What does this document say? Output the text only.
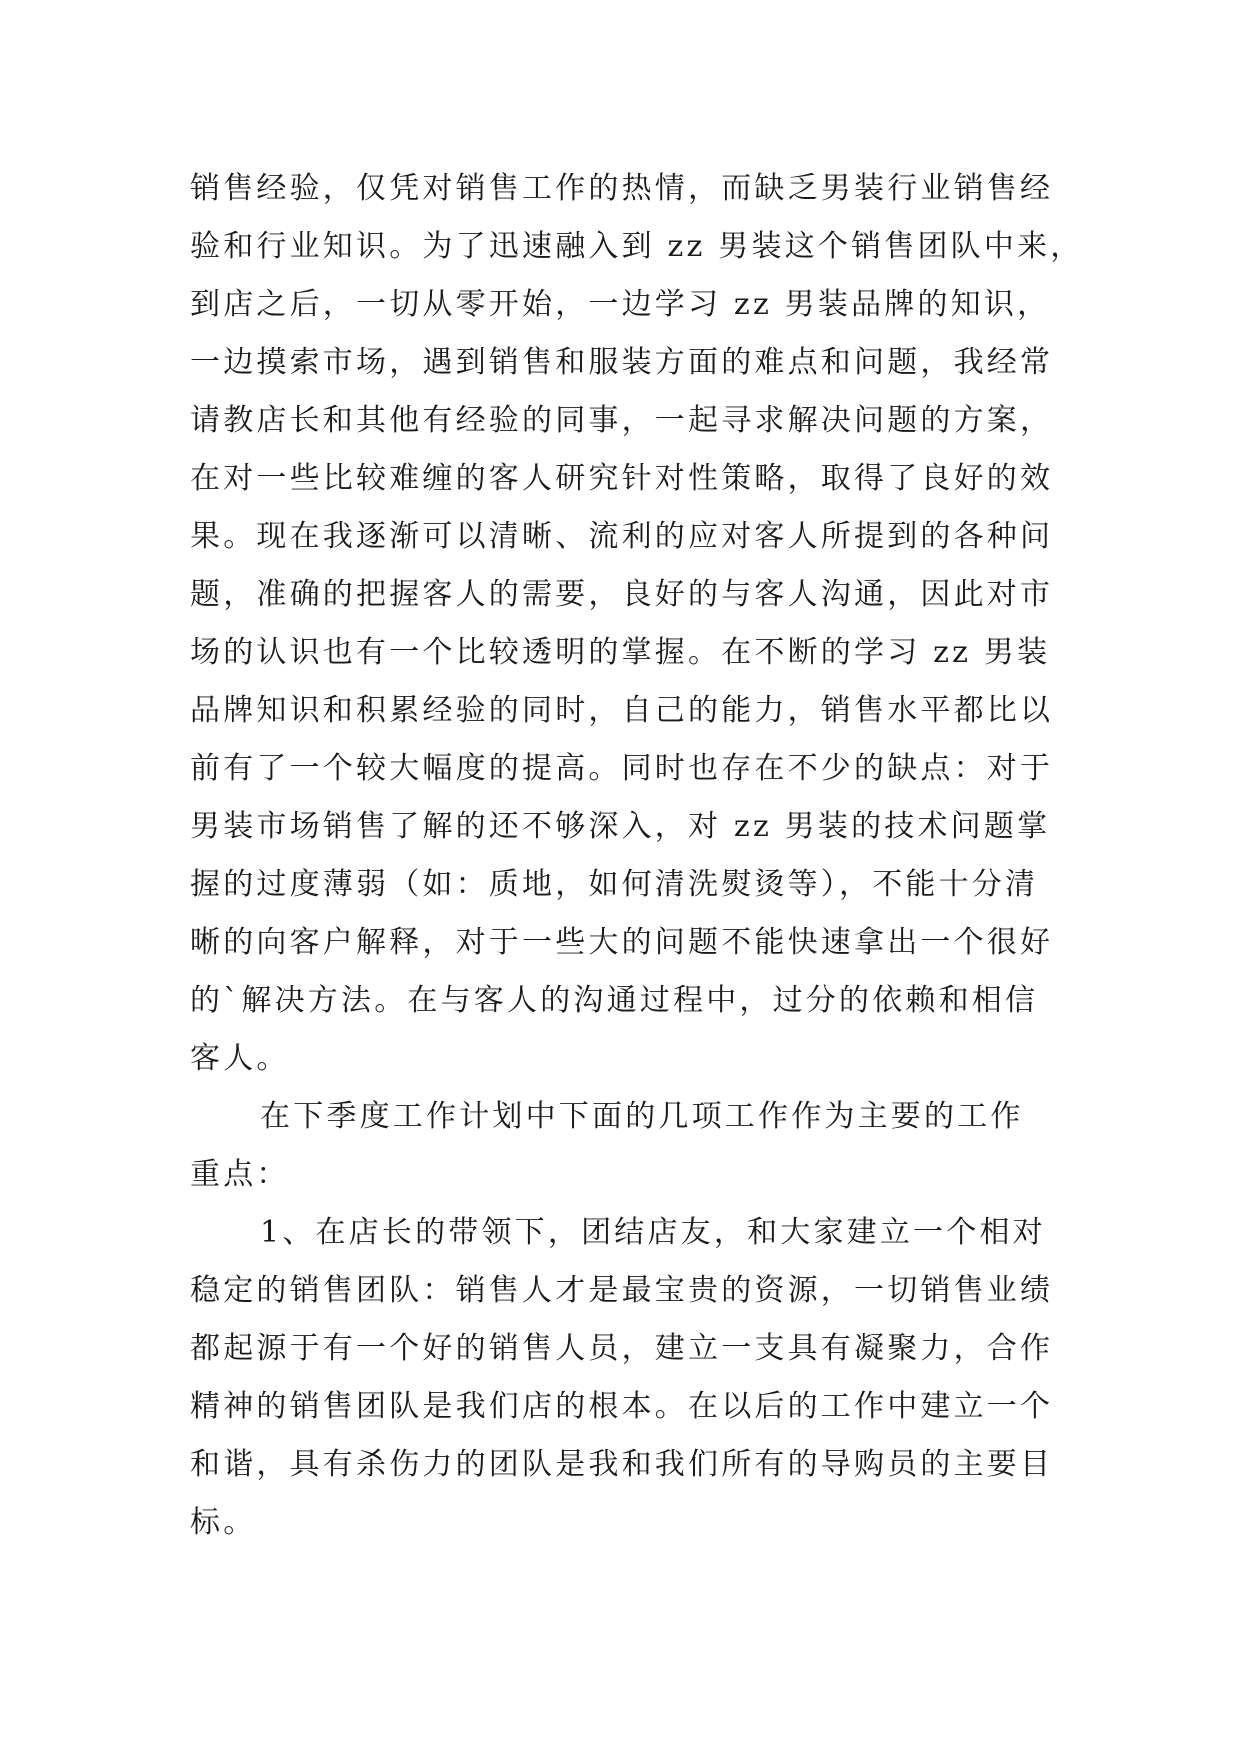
销售经验，仅凭对销售工作的热情，而缺乏男装行业销售经
验和行业知识。为了迅速融入到 zz 男装这个销售团队中来，
到店之后，一切从零开始，一边学习 zz 男装品牌的知识，
一边摸索市场，遇到销售和服装方面的难点和问题，我经常
请教店长和其他有经验的同事，一起寻求解决问题的方案，
在对一些比较难缠的客人研究针对性策略，取得了良好的效
果。现在我逐渐可以清晰、流利的应对客人所提到的各种问
题，准确的把握客人的需要，良好的与客人沟通，因此对市
场的认识也有一个比较透明的掌握。在不断的学习 zz 男装
品牌知识和积累经验的同时，自己的能力，销售水平都比以
前有了一个较大幅度的提高。同时也存在不少的缺点：对于
男装市场销售了解的还不够深入，对 zz 男装的技术问题掌
握的过度薄弱（如：质地，如何清洗熨烫等），不能十分清
晰的向客户解释，对于一些大的问题不能快速拿出一个很好
的`解决方法。在与客人的沟通过程中，过分的依赖和相信
客人。
在下季度工作计划中下面的几项工作作为主要的工作
重点：
1、在店长的带领下，团结店友，和大家建立一个相对
稳定的销售团队：销售人才是最宝贵的资源，一切销售业绩
都起源于有一个好的销售人员，建立一支具有凝聚力，合作
精神的销售团队是我们店的根本。在以后的工作中建立一个
和谐，具有杀伤力的团队是我和我们所有的导购员的主要目
标。
